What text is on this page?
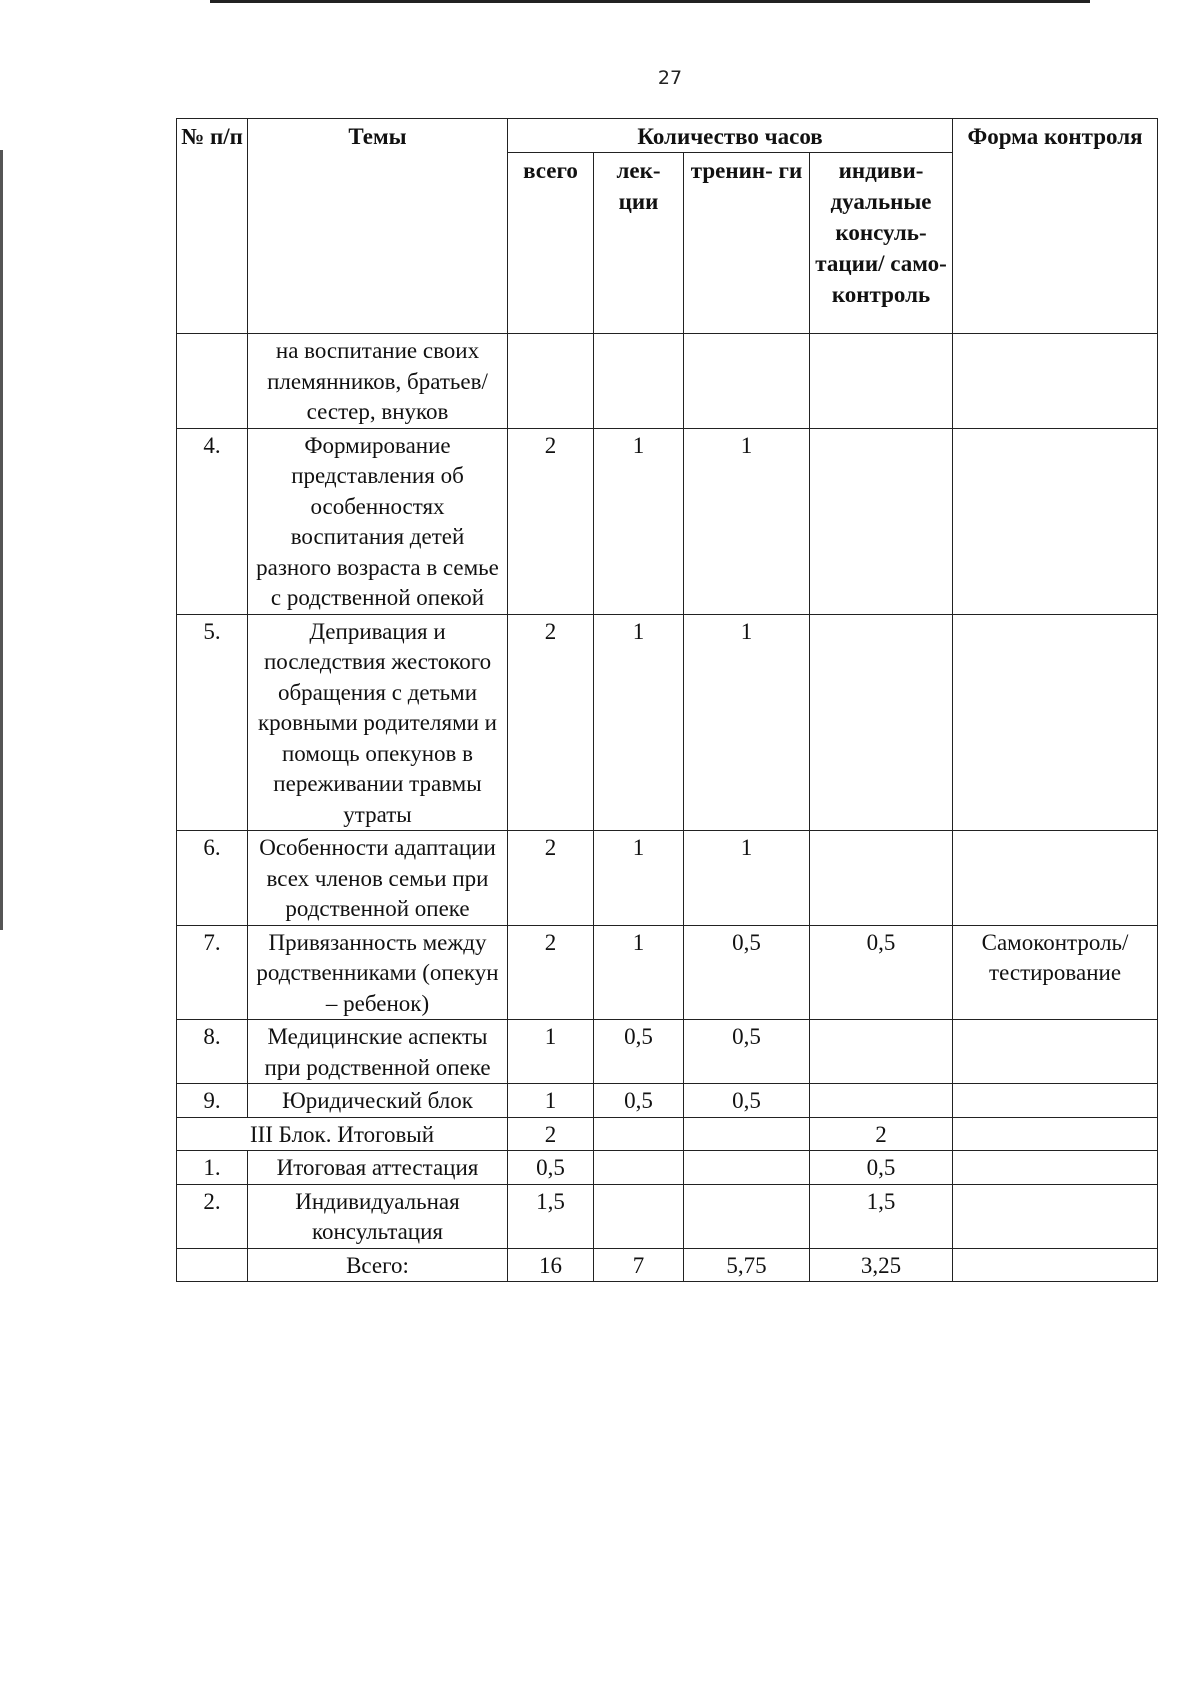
27
№ п/п	Темы	Количество часов				Форма контроля
		всего	лек- ции	тренин- ги	индиви- дуальные консуль- тации/ само- контроль	
	на воспитание своих племянников, братьев/ сестер, внуков					
4.	Формирование представления об особенностях воспитания детей разного возраста в семье с родственной опекой	2	1	1		
5.	Депривация и последствия жестокого обращения с детьми кровными родителями и помощь опекунов в переживании травмы утраты	2	1	1		
6.	Особенности адаптации всех членов семьи при родственной опеке	2	1	1		
7.	Привязанность между родственниками (опекун – ребенок)	2	1	0,5	0,5	Самоконтроль/ тестирование
8.	Медицинские аспекты при родственной опеке	1	0,5	0,5		
9.	Юридический блок	1	0,5	0,5		
III Блок. Итоговый		2			2	
1.	Итоговая аттестация	0,5			0,5	
2.	Индивидуальная консультация	1,5			1,5	
	Всего:	16	7	5,75	3,25	
